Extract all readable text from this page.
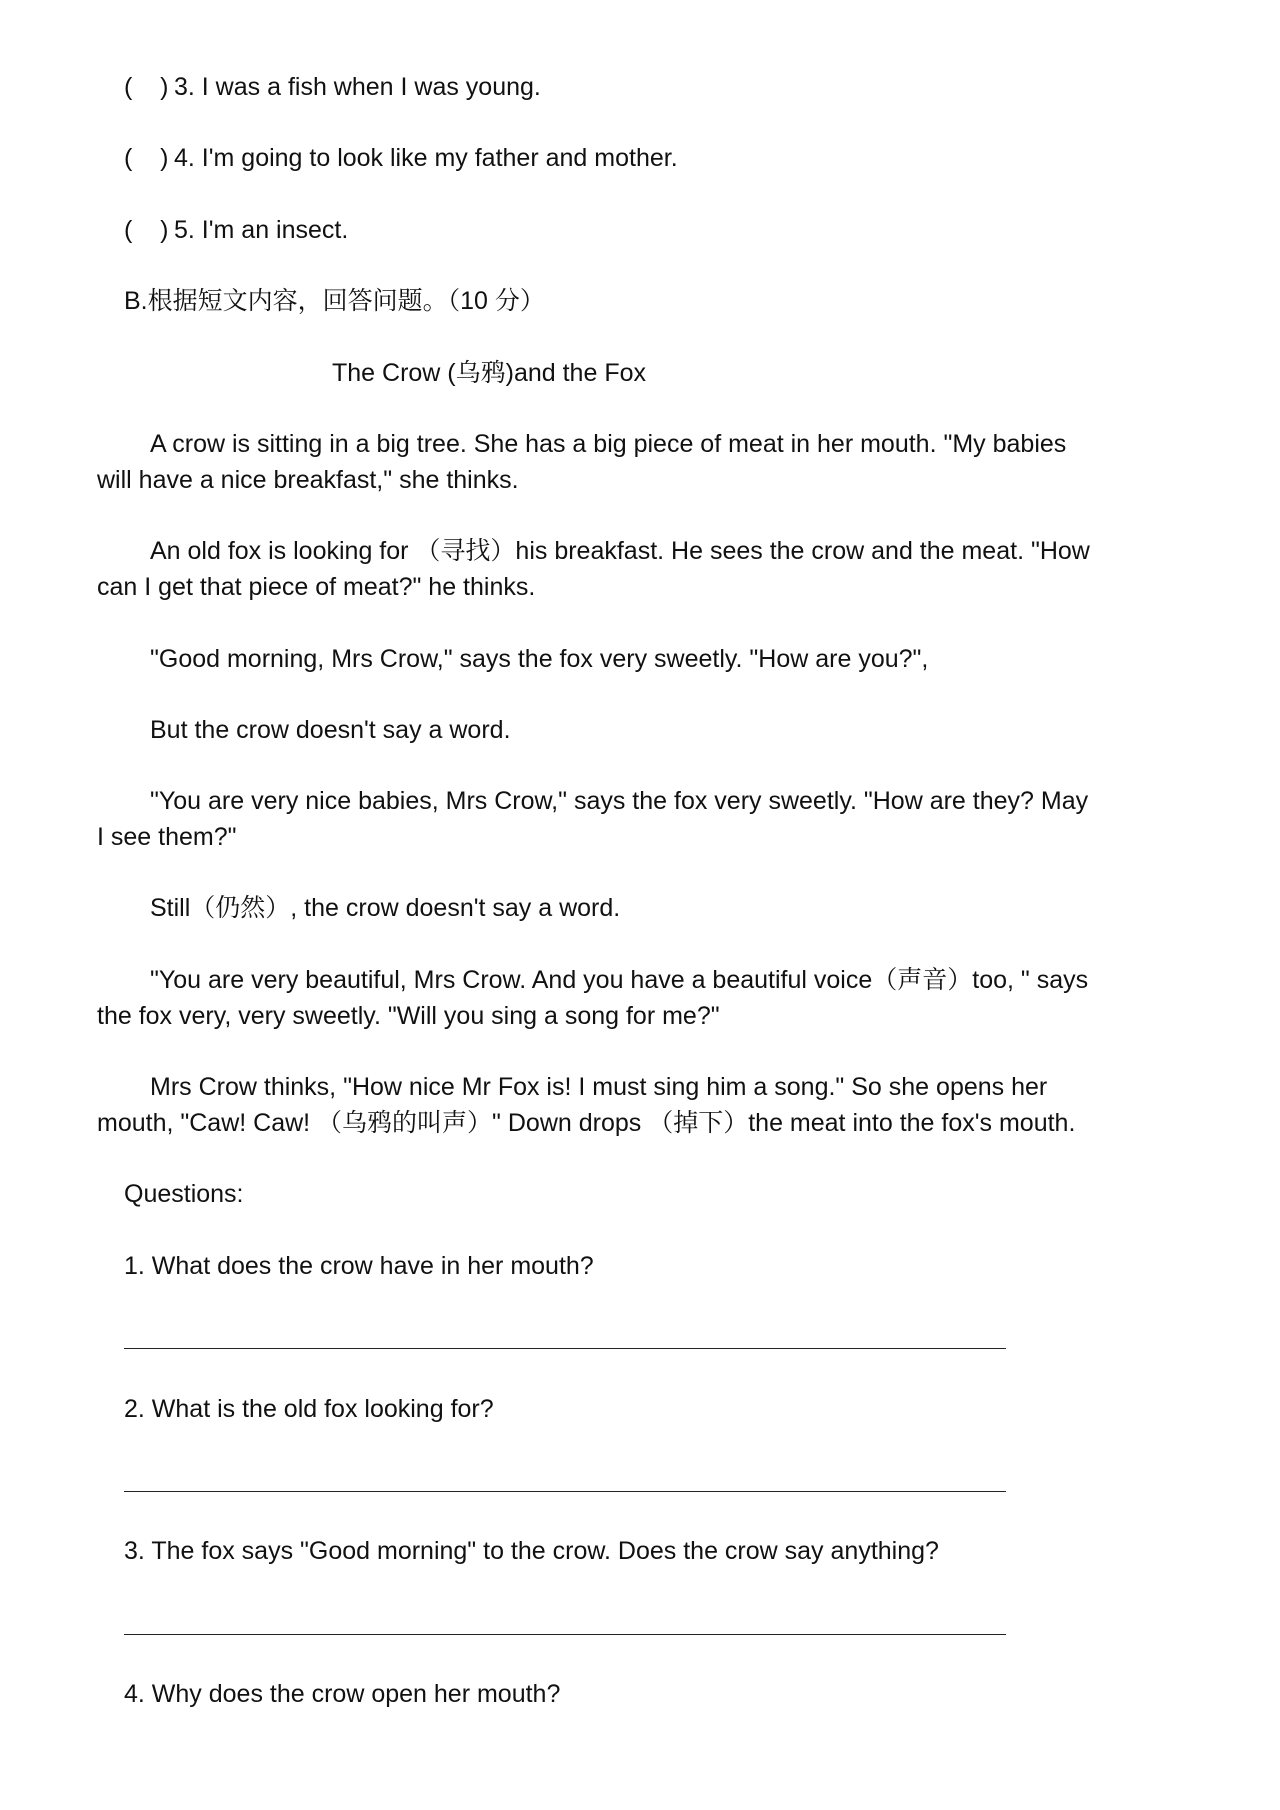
( ) 3. I was a fish when I was young.
( ) 4. I'm going to look like my father and mother.
( ) 5. I'm an insect.
B.根据短文内容，回答问题。（10 分）
The Crow (乌鸦)and the Fox
A crow is sitting in a big tree. She has a big piece of meat in her mouth. "My babies
will have a nice breakfast," she thinks.
An old fox is looking for （寻找）his breakfast. He sees the crow and the meat. "How
can I get that piece of meat?" he thinks.
"Good morning, Mrs Crow," says the fox very sweetly. "How are you?",
But the crow doesn't say a word.
"You are very nice babies, Mrs Crow," says the fox very sweetly. "How are they? May
I see them?"
Still（仍然）, the crow doesn't say a word.
"You are very beautiful, Mrs Crow. And you have a beautiful voice（声音）too, " says
the fox very, very sweetly. "Will you sing a song for me?"
Mrs Crow thinks, "How nice Mr Fox is! I must sing him a song." So she opens her
mouth, "Caw! Caw! （乌鸦的叫声）" Down drops （掉下）the meat into the fox's mouth.
Questions:
1. What does the crow have in her mouth?
2. What is the old fox looking for?
3. The fox says "Good morning" to the crow. Does the crow say anything?
4. Why does the crow open her mouth?
